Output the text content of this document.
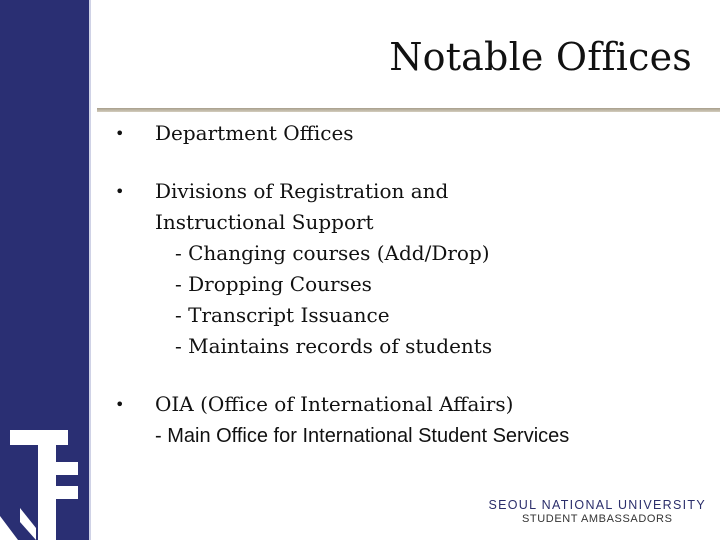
Notable Offices
• Department Offices
• Divisions of Registration and
Instructional Support
- Changing courses (Add/Drop)
- Dropping Courses
- Transcript Issuance
- Maintains records of students
• OIA (Office of International Affairs)
- Main Office for International Student Services
SEOUL NATIONAL UNIVERSITY
STUDENT AMBASSADORS
